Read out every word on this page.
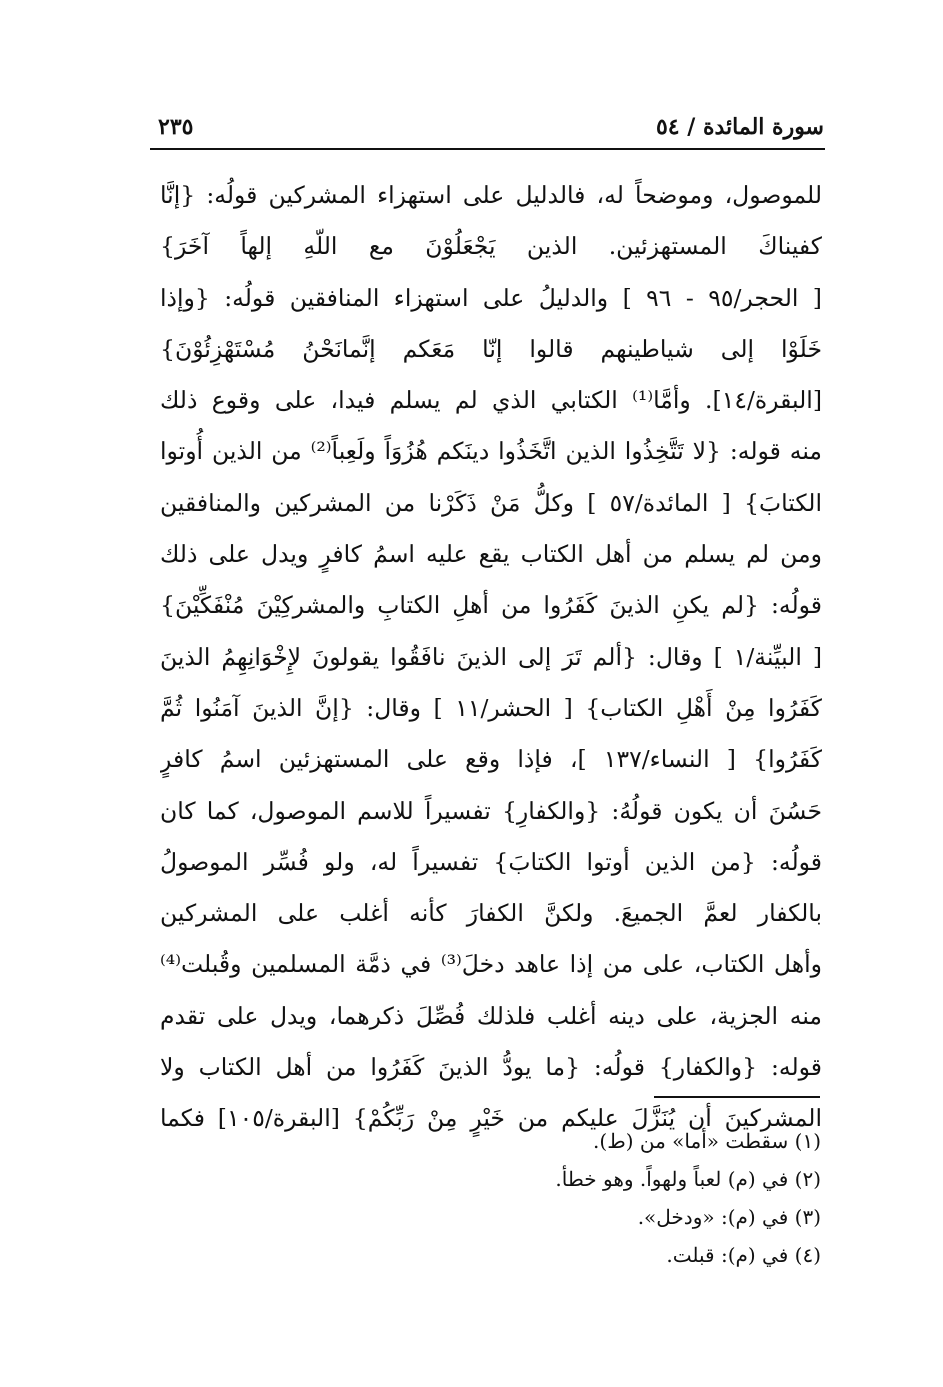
سورة المائدة / ٥٤
٢٣٥
للموصول، وموضحاً له، فالدليل على استهزاء المشركين قولُه: {إنَّا
كفيناكَ المستهزئين. الذين يَجْعَلُوْنَ مع اللّهِ إلهاً آخَرَ}
[ الحجر/٩٥ - ٩٦ ] والدليلُ على استهزاء المنافقين قولُه: {وإذا
خَلَوْا إلى شياطينهم قالوا إنّا مَعَكم إنَّمانَحْنُ مُسْتَهْزِئُوْنَ}
[البقرة/١٤]. وأمَّا⁽¹⁾ الكتابي الذي لم يسلم فيدا، على وقوع ذلك
منه قوله: {لا تَتَّخِذُوا الذين اتَّخَذُوا دينَكم هُزُوَاً ولَعِباً⁽²⁾ من الذين أُوتوا
الكتابَ} [ المائدة/٥٧ ] وكلُّ مَنْ ذَكَرْنا من المشركين والمنافقين
ومن لم يسلم من أهل الكتاب يقع عليه اسمُ كافرٍ ويدل على ذلك
قولُه: {لم يكنِ الذينَ كَفَرُوا من أهلِ الكتابِ والمشركِيْنَ مُنْفَكِّيْنَ}
[ البيِّنة/١ ] وقال: {ألم تَرَ إلى الذينَ نافَقُوا يقولونَ لإِخْوَانِهِمُ الذينَ
كَفَرُوا مِنْ أَهْلِ الكتاب} [ الحشر/١١ ] وقال: {إنَّ الذينَ آمَنُوا ثُمَّ
كَفَرُوا} [ النساء/١٣٧ ]، فإذا وقع على المستهزئين اسمُ كافرٍ
حَسُنَ أن يكون قولُهُ: {والكفارِ} تفسيراً للاسم الموصول، كما كان
قولُه: {من الذين أوتوا الكتابَ} تفسيراً له، ولو فُسِّر الموصولُ
بالكفار لعمَّ الجميعَ. ولكنَّ الكفارَ كأنه أغلب على المشركين
وأهل الكتاب، على من إذا عاهد دخلَ⁽³⁾ في ذمَّة المسلمين وقُبلت⁽⁴⁾
منه الجزية، على دينه أغلب فلذلك فُصِّلَ ذكرهما، ويدل على تقدم
قوله: {والكفار} قولُه: {ما يودُّ الذينَ كَفَرُوا من أهل الكتاب ولا
المشركينَ أن يُنَزَّلَ عليكم من خَيْرٍ مِنْ رَبِّكُمْ} [البقرة/١٠٥] فكما
(١) سقطت «أما» من (ط).
(٢) في (م) لعباً ولهواً. وهو خطأ.
(٣) في (م): «ودخل».
(٤) في (م): قبلت.
